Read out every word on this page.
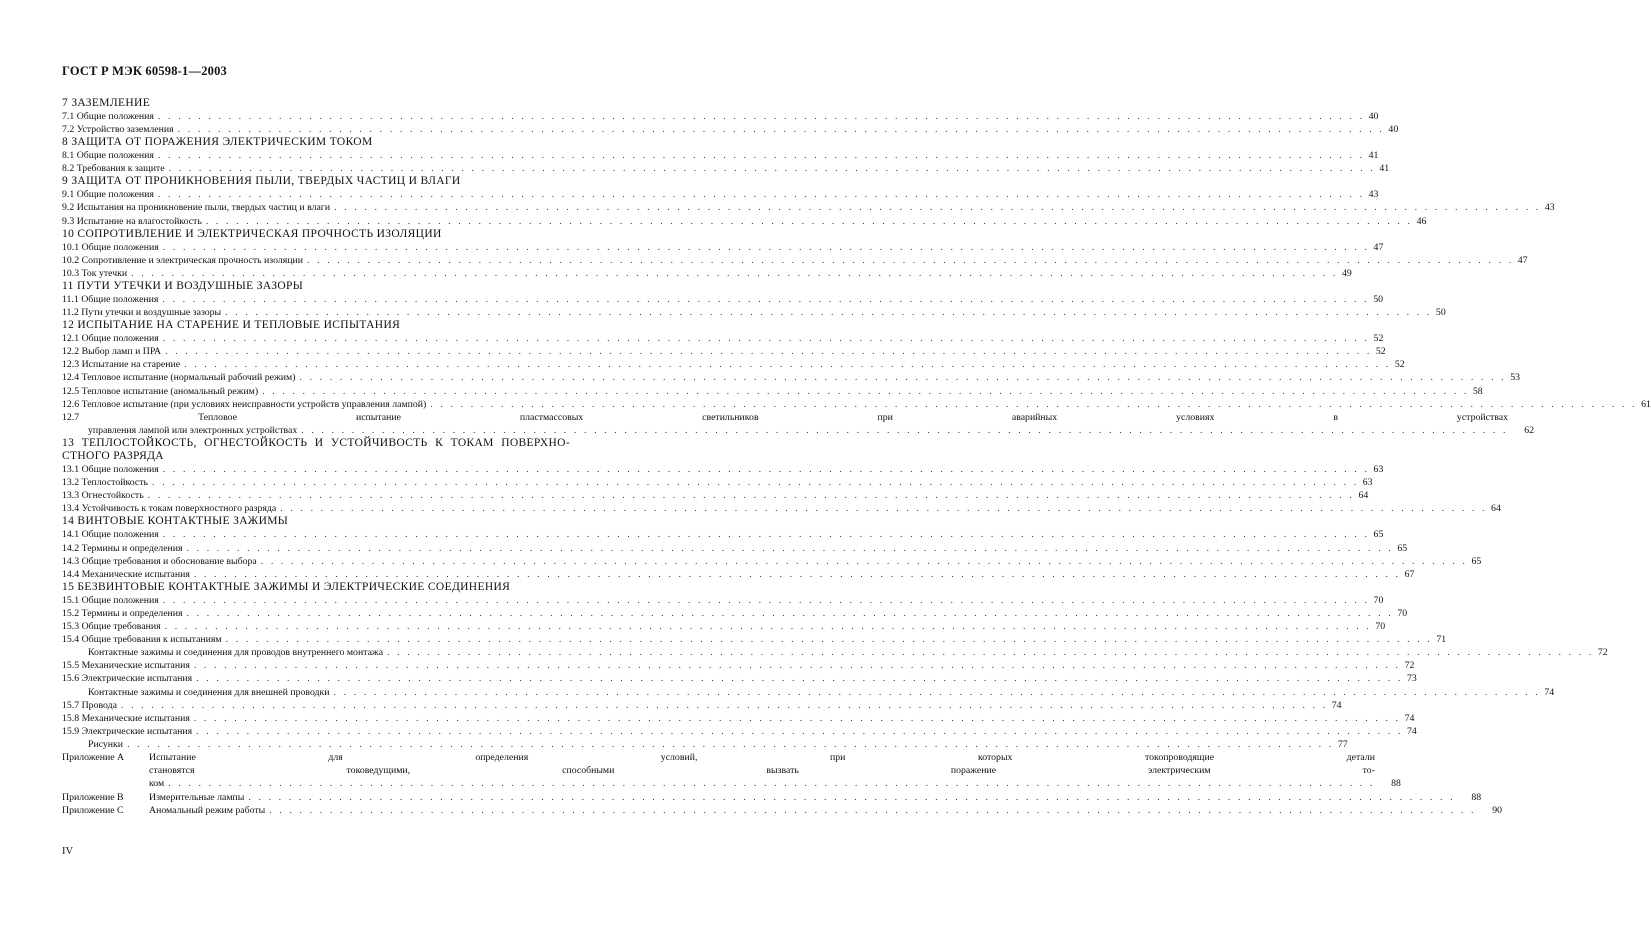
ГОСТ Р МЭК 60598-1—2003
7 ЗАЗЕМЛЕНИЕ
7.1 Общие положения . . . . . . . . . . . . . . . . . . . . . . . . . . . . . . . . . . . . . . . . . . . . . . . . . . . . . . . . . . . . . . . . . . . . . . . . . . . . . . . . . . . . . . . . . . . . . . . . . . . . . . . . . . . . . . . . . . . . . . . . 40
7.2 Устройство заземления . . . . . . . . . . . . . . . . . . . . . . . . . . . . . . . . . . . . . . . . . . . . . . . . . . . . . . . . . . . . . . . . . . . . . . . . . . . . . . . . . . . . . . . . . . . . . . . . . . . . . . . . . . . . . . . . . . . . . . . . 40
8 ЗАЩИТА ОТ ПОРАЖЕНИЯ ЭЛЕКТРИЧЕСКИМ ТОКОМ
8.1 Общие положения . . . . . . . . . . . . . . . . . . . . . . . . . . . . . . . . . . . . . . . . . . . . . . . . . . . . . . . . . . . . . . . . . . . . . . . . . . . . . . . . . . . . . . . . . . . . . . . . . . . . . . . . . . . . . . . . . . . . . . . . 41
8.2 Требования к защите . . . . . . . . . . . . . . . . . . . . . . . . . . . . . . . . . . . . . . . . . . . . . . . . . . . . . . . . . . . . . . . . . . . . . . . . . . . . . . . . . . . . . . . . . . . . . . . . . . . . . . . . . . . . . . . . . . . . . . . . 41
9 ЗАЩИТА ОТ ПРОНИКНОВЕНИЯ ПЫЛИ, ТВЕРДЫХ ЧАСТИЦ И ВЛАГИ
9.1 Общие положения . . . . . . . . . . . . . . . . . . . . . . . . . . . . . . . . . . . . . . . . . . . . . . . . . . . . . . . . . . . . . . . . . . . . . . . . . . . . . . . . . . . . . . . . . . . . . . . . . . . . . . . . . . . . . . . . . . . . . . . . 43
9.2 Испытания на проникновение пыли, твердых частиц и влаги . . . . . . . . . . . . . . . . . . . . . . . . . . . . . . . . . . . . . . . . . . . . . . . . . . . . . . . . . . . . . . . . . . . . . . . . . . . . . . . . . . . . . . . . . . . . . . . . . . . . . . . . . . . . . . . . . . . . . . . . 43
9.3 Испытание на влагостойкость . . . . . . . . . . . . . . . . . . . . . . . . . . . . . . . . . . . . . . . . . . . . . . . . . . . . . . . . . . . . . . . . . . . . . . . . . . . . . . . . . . . . . . . . . . . . . . . . . . . . . . . . . . . . . . . . . . . . . . . . 46
10 СОПРОТИВЛЕНИЕ И ЭЛЕКТРИЧЕСКАЯ ПРОЧНОСТЬ ИЗОЛЯЦИИ
10.1 Общие положения . . . . . . . . . . . . . . . . . . . . . . . . . . . . . . . . . . . . . . . . . . . . . . . . . . . . . . . . . . . . . . . . . . . . . . . . . . . . . . . . . . . . . . . . . . . . . . . . . . . . . . . . . . . . . . . . . . . . . . . . 47
10.2 Сопротивление и электрическая прочность изоляции . . . . . . . . . . . . . . . . . . . . . . . . . . . . . . . . . . . . . . . . . . . . . . . . . . . . . . . . . . . . . . . . . . . . . . . . . . . . . . . . . . . . . . . . . . . . . . . . . . . . . . . . . . . . . . . . . . . . . . . . 47
10.3 Ток утечки . . . . . . . . . . . . . . . . . . . . . . . . . . . . . . . . . . . . . . . . . . . . . . . . . . . . . . . . . . . . . . . . . . . . . . . . . . . . . . . . . . . . . . . . . . . . . . . . . . . . . . . . . . . . . . . . . . . . . . . . 49
11 ПУТИ УТЕЧКИ И ВОЗДУШНЫЕ ЗАЗОРЫ
11.1 Общие положения . . . . . . . . . . . . . . . . . . . . . . . . . . . . . . . . . . . . . . . . . . . . . . . . . . . . . . . . . . . . . . . . . . . . . . . . . . . . . . . . . . . . . . . . . . . . . . . . . . . . . . . . . . . . . . . . . . . . . . . . 50
11.2 Пути утечки и воздушные зазоры . . . . . . . . . . . . . . . . . . . . . . . . . . . . . . . . . . . . . . . . . . . . . . . . . . . . . . . . . . . . . . . . . . . . . . . . . . . . . . . . . . . . . . . . . . . . . . . . . . . . . . . . . . . . . . . . . . . . . . . . 50
12 ИСПЫТАНИЕ НА СТАРЕНИЕ И ТЕПЛОВЫЕ ИСПЫТАНИЯ
12.1 Общие положения . . . . . . . . . . . . . . . . . . . . . . . . . . . . . . . . . . . . . . . . . . . . . . . . . . . . . . . . . . . . . . . . . . . . . . . . . . . . . . . . . . . . . . . . . . . . . . . . . . . . . . . . . . . . . . . . . . . . . . . . 52
12.2 Выбор ламп и ПРА . . . . . . . . . . . . . . . . . . . . . . . . . . . . . . . . . . . . . . . . . . . . . . . . . . . . . . . . . . . . . . . . . . . . . . . . . . . . . . . . . . . . . . . . . . . . . . . . . . . . . . . . . . . . . . . . . . . . . . . . 52
12.3 Испытание на старение . . . . . . . . . . . . . . . . . . . . . . . . . . . . . . . . . . . . . . . . . . . . . . . . . . . . . . . . . . . . . . . . . . . . . . . . . . . . . . . . . . . . . . . . . . . . . . . . . . . . . . . . . . . . . . . . . . . . . . . . 52
12.4 Тепловое испытание (нормальный рабочий режим) . . . . . . . . . . . . . . . . . . . . . . . . . . . . . . . . . . . . . . . . . . . . . . . . . . . . . . . . . . . . . . . . . . . . . . . . . . . . . . . . . . . . . . . . . . . . . . . . . . . . . . . . . . . . . . . . . . . . . . . . 53
12.5 Тепловое испытание (аномальный режим) . . . . . . . . . . . . . . . . . . . . . . . . . . . . . . . . . . . . . . . . . . . . . . . . . . . . . . . . . . . . . . . . . . . . . . . . . . . . . . . . . . . . . . . . . . . . . . . . . . . . . . . . . . . . . . . . . . . . . . . . 58
12.6 Тепловое испытание (при условиях неисправности устройств управления лампой) . . . . . . . . . . . . . . . . . . . . . . . . . . . . . . . . . . . . . . . . . . . . . . . . . . . . . . . . . . . . . . . . . . . . . . . . . . . . . . . . . . . . . . . . . . . . . . . . . . . . . . . . . . . . . . . . . . . . . . . . 61
12.7 Тепловое испытание пластмассовых светильников при аварийных условиях в устройствах
управления лампой или электронных устройствах . . . . . . . . . . . . . . . . . . . . . . . . . . . . . . . . . . . . . . . . . . . . . . . . . . . . . . . . . . . . . . . . . . . . . . . . . . . . . . . . . . . . . . . . . . . . . . . . . . . . . . . . . . . . . . . . . . . . . . . .	62
13 ТЕПЛОСТОЙКОСТЬ, ОГНЕСТОЙКОСТЬ И УСТОЙЧИВОСТЬ К ТОКАМ ПОВЕРХНО-
СТНОГО РАЗРЯДА
13.1 Общие положения . . . . . . . . . . . . . . . . . . . . . . . . . . . . . . . . . . . . . . . . . . . . . . . . . . . . . . . . . . . . . . . . . . . . . . . . . . . . . . . . . . . . . . . . . . . . . . . . . . . . . . . . . . . . . . . . . . . . . . . . 63
13.2 Теплостойкость . . . . . . . . . . . . . . . . . . . . . . . . . . . . . . . . . . . . . . . . . . . . . . . . . . . . . . . . . . . . . . . . . . . . . . . . . . . . . . . . . . . . . . . . . . . . . . . . . . . . . . . . . . . . . . . . . . . . . . . . 63
13.3 Огнестойкость . . . . . . . . . . . . . . . . . . . . . . . . . . . . . . . . . . . . . . . . . . . . . . . . . . . . . . . . . . . . . . . . . . . . . . . . . . . . . . . . . . . . . . . . . . . . . . . . . . . . . . . . . . . . . . . . . . . . . . . . 64
13.4 Устойчивость к токам поверхностного разряда . . . . . . . . . . . . . . . . . . . . . . . . . . . . . . . . . . . . . . . . . . . . . . . . . . . . . . . . . . . . . . . . . . . . . . . . . . . . . . . . . . . . . . . . . . . . . . . . . . . . . . . . . . . . . . . . . . . . . . . . 64
14 ВИНТОВЫЕ КОНТАКТНЫЕ ЗАЖИМЫ
14.1 Общие положения . . . . . . . . . . . . . . . . . . . . . . . . . . . . . . . . . . . . . . . . . . . . . . . . . . . . . . . . . . . . . . . . . . . . . . . . . . . . . . . . . . . . . . . . . . . . . . . . . . . . . . . . . . . . . . . . . . . . . . . . 65
14.2 Термины и определения . . . . . . . . . . . . . . . . . . . . . . . . . . . . . . . . . . . . . . . . . . . . . . . . . . . . . . . . . . . . . . . . . . . . . . . . . . . . . . . . . . . . . . . . . . . . . . . . . . . . . . . . . . . . . . . . . . . . . . . . 65
14.3 Общие требования и обоснование выбора . . . . . . . . . . . . . . . . . . . . . . . . . . . . . . . . . . . . . . . . . . . . . . . . . . . . . . . . . . . . . . . . . . . . . . . . . . . . . . . . . . . . . . . . . . . . . . . . . . . . . . . . . . . . . . . . . . . . . . . . 65
14.4 Механические испытания . . . . . . . . . . . . . . . . . . . . . . . . . . . . . . . . . . . . . . . . . . . . . . . . . . . . . . . . . . . . . . . . . . . . . . . . . . . . . . . . . . . . . . . . . . . . . . . . . . . . . . . . . . . . . . . . . . . . . . . . 67
15 БЕЗВИНТОВЫЕ КОНТАКТНЫЕ ЗАЖИМЫ И ЭЛЕКТРИЧЕСКИЕ СОЕДИНЕНИЯ
15.1 Общие положения . . . . . . . . . . . . . . . . . . . . . . . . . . . . . . . . . . . . . . . . . . . . . . . . . . . . . . . . . . . . . . . . . . . . . . . . . . . . . . . . . . . . . . . . . . . . . . . . . . . . . . . . . . . . . . . . . . . . . . . . 70
15.2 Термины и определения . . . . . . . . . . . . . . . . . . . . . . . . . . . . . . . . . . . . . . . . . . . . . . . . . . . . . . . . . . . . . . . . . . . . . . . . . . . . . . . . . . . . . . . . . . . . . . . . . . . . . . . . . . . . . . . . . . . . . . . . 70
15.3 Общие требования . . . . . . . . . . . . . . . . . . . . . . . . . . . . . . . . . . . . . . . . . . . . . . . . . . . . . . . . . . . . . . . . . . . . . . . . . . . . . . . . . . . . . . . . . . . . . . . . . . . . . . . . . . . . . . . . . . . . . . . . 70
15.4 Общие требования к испытаниям . . . . . . . . . . . . . . . . . . . . . . . . . . . . . . . . . . . . . . . . . . . . . . . . . . . . . . . . . . . . . . . . . . . . . . . . . . . . . . . . . . . . . . . . . . . . . . . . . . . . . . . . . . . . . . . . . . . . . . . . 71
Контактные зажимы и соединения для проводов внутреннего монтажа . . . . . . . . . . . . . . . . . . . . . . . . . . . . . . . . . . . . . . . . . . . . . . . . . . . . . . . . . . . . . . . . . . . . . . . . . . . . . . . . . . . . . . . . . . . . . . . . . . . . . . . . . . . . . . . . . . . . . . . . 72
15.5 Механические испытания . . . . . . . . . . . . . . . . . . . . . . . . . . . . . . . . . . . . . . . . . . . . . . . . . . . . . . . . . . . . . . . . . . . . . . . . . . . . . . . . . . . . . . . . . . . . . . . . . . . . . . . . . . . . . . . . . . . . . . . . 72
15.6 Электрические испытания . . . . . . . . . . . . . . . . . . . . . . . . . . . . . . . . . . . . . . . . . . . . . . . . . . . . . . . . . . . . . . . . . . . . . . . . . . . . . . . . . . . . . . . . . . . . . . . . . . . . . . . . . . . . . . . . . . . . . . . . 73
Контактные зажимы и соединения для внешней проводки . . . . . . . . . . . . . . . . . . . . . . . . . . . . . . . . . . . . . . . . . . . . . . . . . . . . . . . . . . . . . . . . . . . . . . . . . . . . . . . . . . . . . . . . . . . . . . . . . . . . . . . . . . . . . . . . . . . . . . . . 74
15.7 Провода . . . . . . . . . . . . . . . . . . . . . . . . . . . . . . . . . . . . . . . . . . . . . . . . . . . . . . . . . . . . . . . . . . . . . . . . . . . . . . . . . . . . . . . . . . . . . . . . . . . . . . . . . . . . . . . . . . . . . . . . 74
15.8 Механические испытания . . . . . . . . . . . . . . . . . . . . . . . . . . . . . . . . . . . . . . . . . . . . . . . . . . . . . . . . . . . . . . . . . . . . . . . . . . . . . . . . . . . . . . . . . . . . . . . . . . . . . . . . . . . . . . . . . . . . . . . . 74
15.9 Электрические испытания . . . . . . . . . . . . . . . . . . . . . . . . . . . . . . . . . . . . . . . . . . . . . . . . . . . . . . . . . . . . . . . . . . . . . . . . . . . . . . . . . . . . . . . . . . . . . . . . . . . . . . . . . . . . . . . . . . . . . . . . 74
Рисунки . . . . . . . . . . . . . . . . . . . . . . . . . . . . . . . . . . . . . . . . . . . . . . . . . . . . . . . . . . . . . . . . . . . . . . . . . . . . . . . . . . . . . . . . . . . . . . . . . . . . . . . . . . . . . . . . . . . . . . . . 77
Приложение А	Испытание для определения условий, при которых токопроводящие детали
становятся токоведущими, способными вызвать поражение электрическим то-
ком . . . . . . . . . . . . . . . . . . . . . . . . . . . . . . . . . . . . . . . . . . . . . . . . . . . . . . . . . . . . . . . . . . . . . . . . . . . . . . . . . . . . . . . . . . . . . . . . . . . . . . . . . . . . . . . . . . . . . . . .	88
Приложение В	Измерительные лампы . . . . . . . . . . . . . . . . . . . . . . . . . . . . . . . . . . . . . . . . . . . . . . . . . . . . . . . . . . . . . . . . . . . . . . . . . . . . . . . . . . . . . . . . . . . . . . . . . . . . . . . . . . . . . . . . . . . . . . . .	88
Приложение С	Аномальный режим работы . . . . . . . . . . . . . . . . . . . . . . . . . . . . . . . . . . . . . . . . . . . . . . . . . . . . . . . . . . . . . . . . . . . . . . . . . . . . . . . . . . . . . . . . . . . . . . . . . . . . . . . . . . . . . . . . . . . . . . . .	90
IV
